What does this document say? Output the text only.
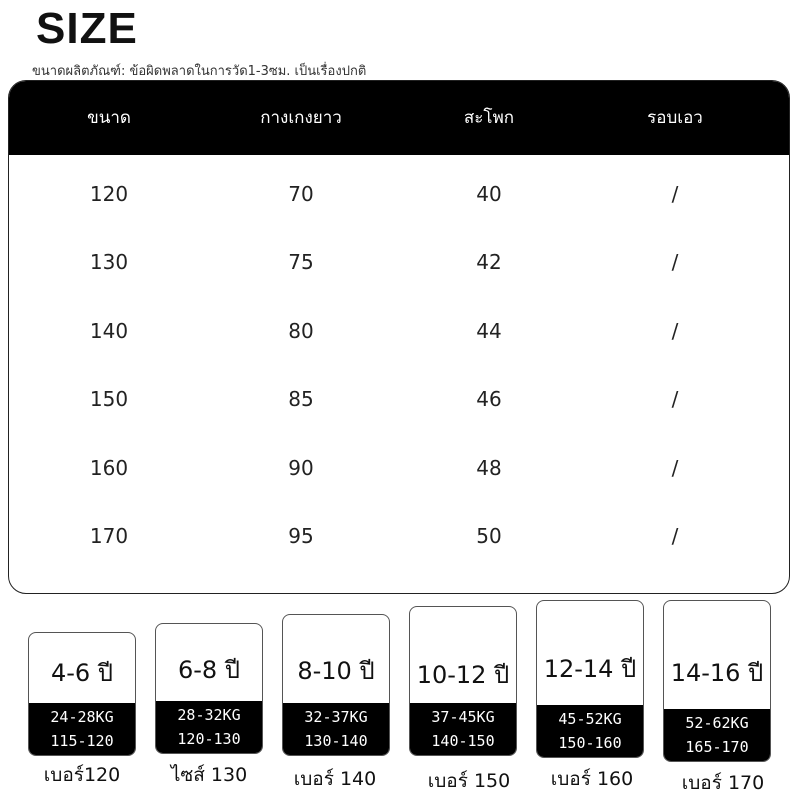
SIZE
ขนาดผลิตภัณฑ์: ข้อผิดพลาดในการวัด1-3ซม. เป็นเรื่องปกติ
ขนาด	กางเกงยาว	สะโพก	รอบเอว
120	70	40	/
130	75	42	/
140	80	44	/
150	85	46	/
160	90	48	/
170	95	50	/
4-6 ปี
24-28KG
115-120
เบอร์120
6-8 ปี
28-32KG
120-130
ไซส์ 130
8-10 ปี
32-37KG
130-140
เบอร์ 140
10-12 ปี
37-45KG
140-150
เบอร์ 150
12-14 ปี
45-52KG
150-160
เบอร์ 160
14-16 ปี
52-62KG
165-170
เบอร์ 170
